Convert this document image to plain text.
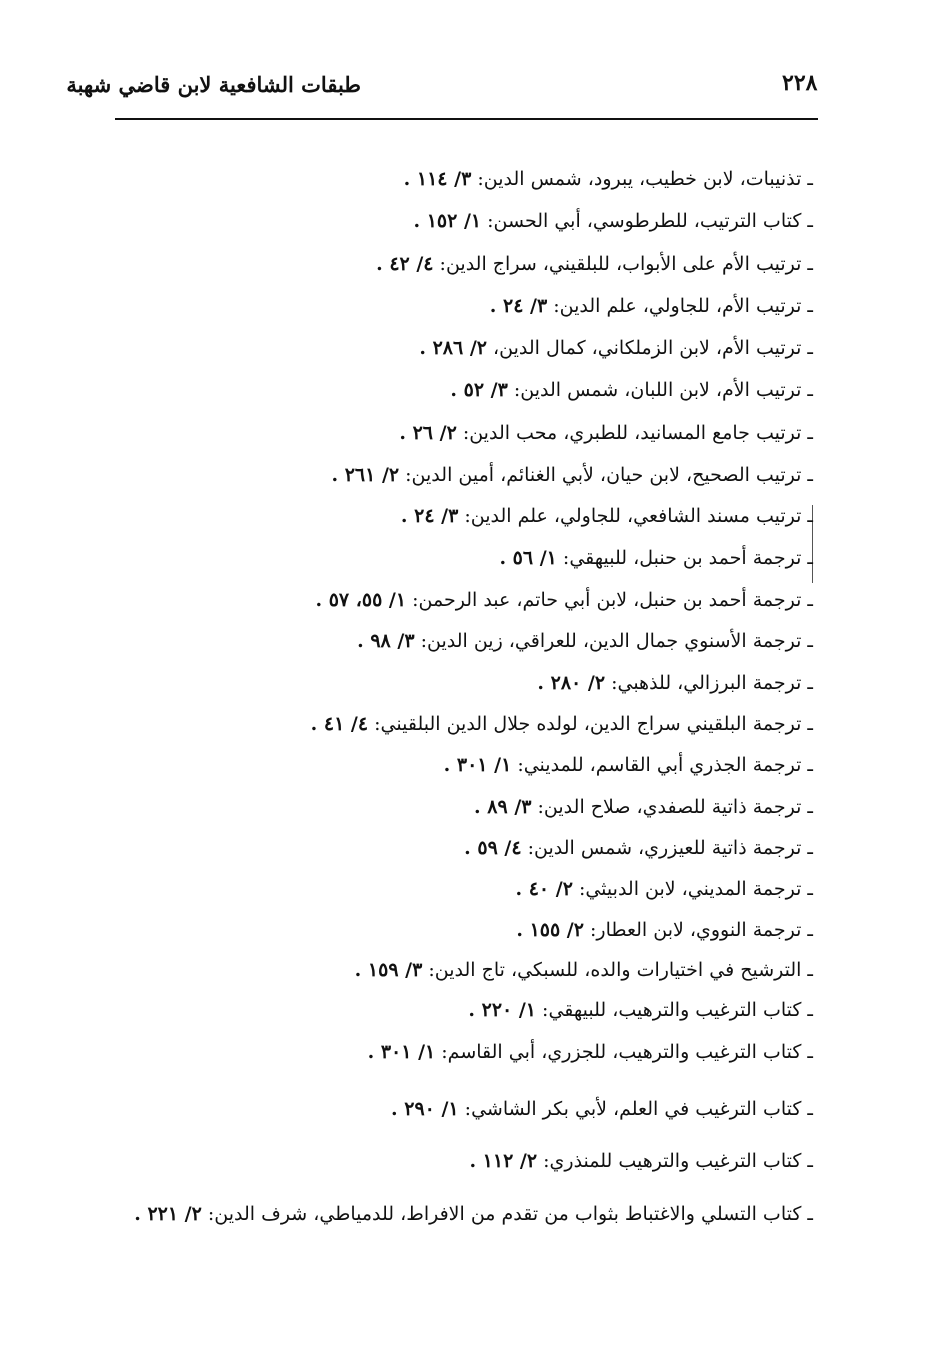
٢٢٨
طبقات الشافعية لابن قاضي شهبة
ـ تذنيبات، لابن خطيب، يبرود، شمس الدين: ٣/ ١١٤ .
ـ كتاب الترتيب، للطرطوسي، أبي الحسن: ١/ ١٥٢ .
ـ ترتيب الأم على الأبواب، للبلقيني، سراج الدين: ٤/ ٤٢ .
ـ ترتيب الأم، للجاولي، علم الدين: ٣/ ٢٤ .
ـ ترتيب الأم، لابن الزملكاني، كمال الدين، ٢/ ٢٨٦ .
ـ ترتيب الأم، لابن اللبان، شمس الدين: ٣/ ٥٢ .
ـ ترتيب جامع المسانيد، للطبري، محب الدين: ٢/ ٢٦ .
ـ ترتيب الصحيح، لابن حيان، لأبي الغنائم، أمين الدين: ٢/ ٢٦١ .
ـ ترتيب مسند الشافعي، للجاولي، علم الدين: ٣/ ٢٤ .
ـ ترجمة أحمد بن حنبل، للبيهقي: ١/ ٥٦ .
ـ ترجمة أحمد بن حنبل، لابن أبي حاتم، عبد الرحمن: ١/ ٥٥، ٥٧ .
ـ ترجمة الأسنوي جمال الدين، للعراقي، زين الدين: ٣/ ٩٨ .
ـ ترجمة البرزالي، للذهبي: ٢/ ٢٨٠ .
ـ ترجمة البلقيني سراج الدين، لولده جلال الدين البلقيني: ٤/ ٤١ .
ـ ترجمة الجذري أبي القاسم، للمديني: ١/ ٣٠١ .
ـ ترجمة ذاتية للصفدي، صلاح الدين: ٣/ ٨٩ .
ـ ترجمة ذاتية للعيزري، شمس الدين: ٤/ ٥٩ .
ـ ترجمة المديني، لابن الدبيثي: ٢/ ٤٠ .
ـ ترجمة النووي، لابن العطار: ٢/ ١٥٥ .
ـ الترشيح في اختيارات والده، للسبكي، تاج الدين: ٣/ ١٥٩ .
ـ كتاب الترغيب والترهيب، للبيهقي: ١/ ٢٢٠ .
ـ كتاب الترغيب والترهيب، للجزري، أبي القاسم: ١/ ٣٠١ .
ـ كتاب الترغيب في العلم، لأبي بكر الشاشي: ١/ ٢٩٠ .
ـ كتاب الترغيب والترهيب للمنذري: ٢/ ١١٢ .
ـ كتاب التسلي والاغتباط بثواب من تقدم من الافراط، للدمياطي، شرف الدين: ٢/ ٢٢١ .
